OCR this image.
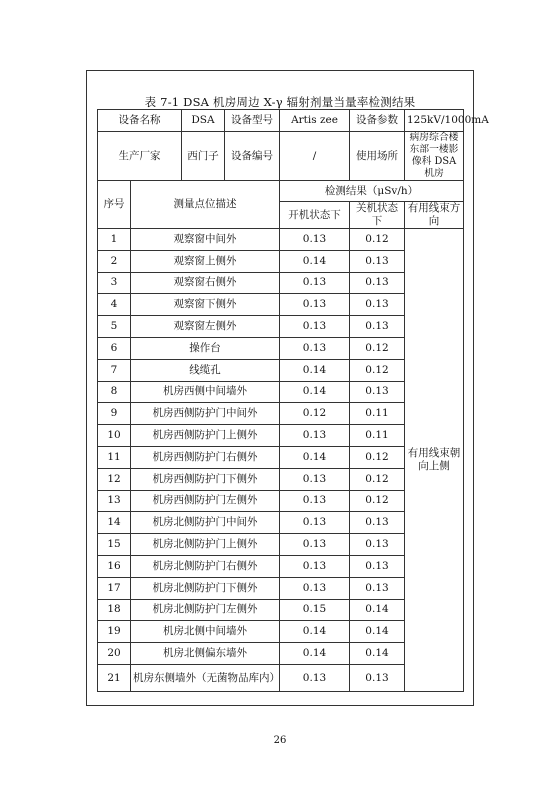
表 7-1 DSA 机房周边 X-γ 辐射剂量当量率检测结果
设备名称		DSA	设备型号	Artis zee	设备参数	125kV/1000mA
生产厂家		西门子	设备编号	/	使用场所	病房综合楼东部一楼影像科 DSA 机房
序号	测量点位描述			检测结果（μSv/h）		
				开机状态下	关机状态下	有用线束方向
1	观察窗中间外			0.13	0.12	有用线束朝向上侧
2	观察窗上侧外			0.14	0.13	
3	观察窗右侧外			0.13	0.13	
4	观察窗下侧外			0.13	0.13	
5	观察窗左侧外			0.13	0.13	
6	操作台			0.13	0.12	
7	线缆孔			0.14	0.12	
8	机房西侧中间墙外			0.14	0.13	
9	机房西侧防护门中间外			0.12	0.11	
10	机房西侧防护门上侧外			0.13	0.11	
11	机房西侧防护门右侧外			0.14	0.12	
12	机房西侧防护门下侧外			0.13	0.12	
13	机房西侧防护门左侧外			0.13	0.12	
14	机房北侧防护门中间外			0.13	0.13	
15	机房北侧防护门上侧外			0.13	0.13	
16	机房北侧防护门右侧外			0.13	0.13	
17	机房北侧防护门下侧外			0.13	0.13	
18	机房北侧防护门左侧外			0.15	0.14	
19	机房北侧中间墙外			0.14	0.14	
20	机房北侧偏东墙外			0.14	0.14	
21	机房东侧墙外（无菌物品库内）			0.13	0.13	
26
